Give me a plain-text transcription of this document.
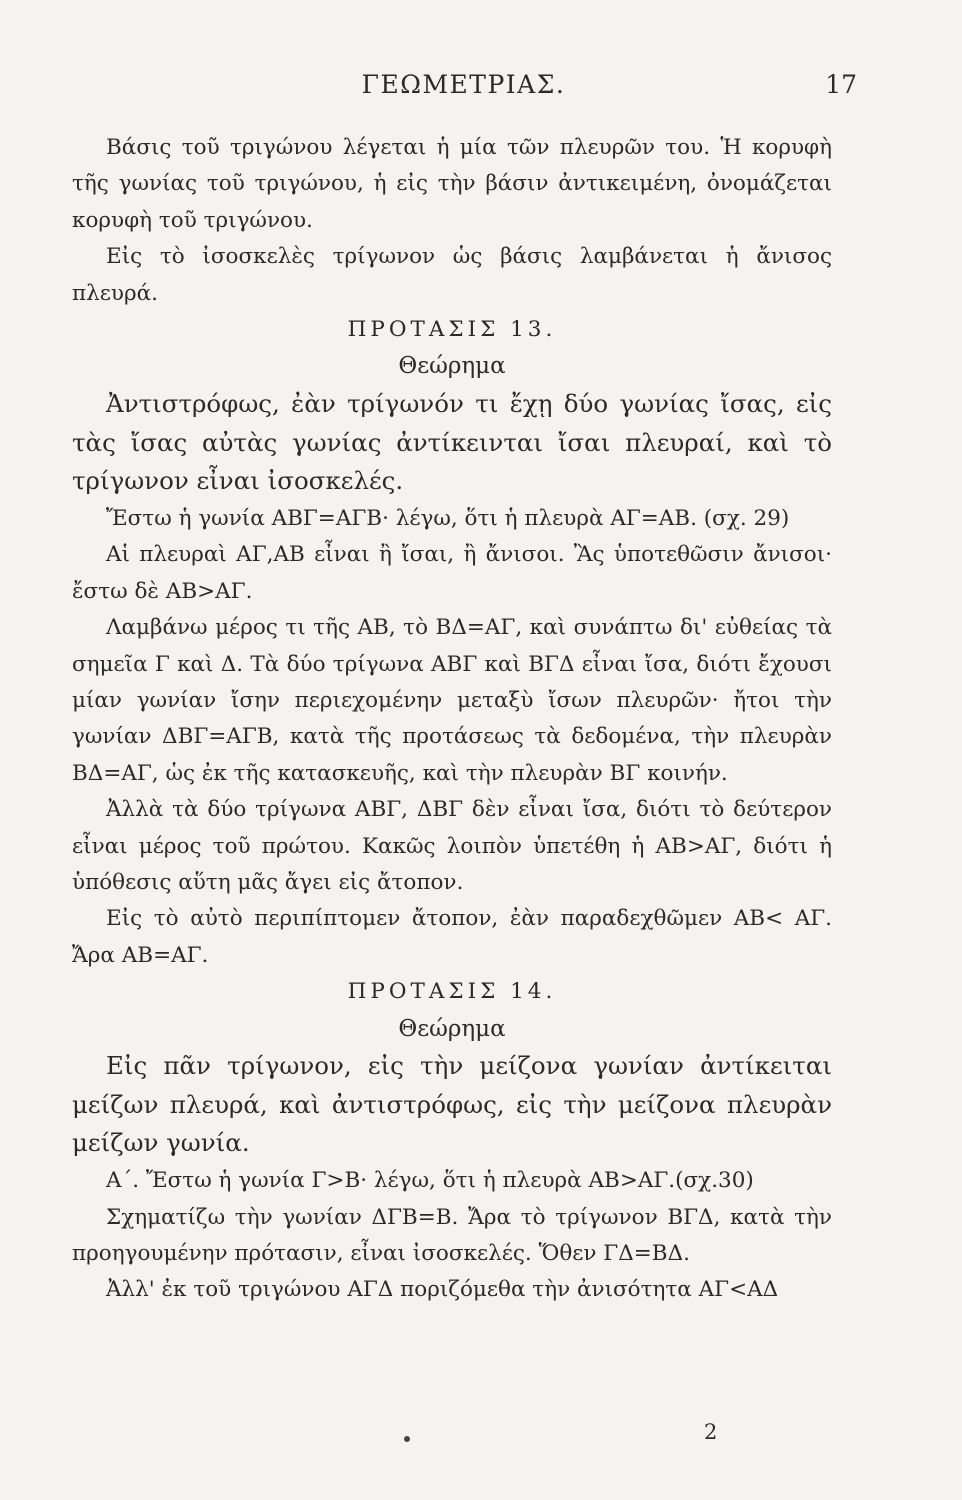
ΓΕΩΜΕΤΡΙΑΣ.	17
Βάσις τοῦ τριγώνου λέγεται ἡ μία τῶν πλευρῶν του. Ἡ κορυφὴ τῆς γωνίας τοῦ τριγώνου, ἡ εἰς τὴν βάσιν ἀντικειμένη, ὀνομάζεται κορυφὴ τοῦ τριγώνου.
Εἰς τὸ ἰσοσκελὲς τρίγωνον ὡς βάσις λαμβάνεται ἡ ἄνισος πλευρά.
ΠΡΟΤΑΣΙΣ 13.
Θεώρημα
Ἀντιστρόφως, ἐὰν τρίγωνόν τι ἔχῃ δύο γωνίας ἴσας, εἰς τὰς ἴσας αὐτὰς γωνίας ἀντίκεινται ἴσαι πλευραί, καὶ τὸ τρίγωνον εἶναι ἰσοσκελές.
Ἔστω ἡ γωνία ΑΒΓ=ΑΓΒ· λέγω, ὅτι ἡ πλευρὰ ΑΓ=ΑΒ. (σχ. 29)
Αἱ πλευραὶ ΑΓ,ΑΒ εἶναι ἢ ἴσαι, ἢ ἄνισοι. Ἂς ὑποτεθῶσιν ἄνισοι· ἔστω δὲ ΑΒ>ΑΓ.
Λαμβάνω μέρος τι τῆς ΑΒ, τὸ ΒΔ=ΑΓ, καὶ συνάπτω δι' εὐθείας τὰ σημεῖα Γ καὶ Δ. Τὰ δύο τρίγωνα ΑΒΓ καὶ ΒΓΔ εἶναι ἴσα, διότι ἔχουσι μίαν γωνίαν ἴσην περιεχομένην μεταξὺ ἴσων πλευρῶν· ἤτοι τὴν γωνίαν ΔΒΓ=ΑΓΒ, κατὰ τῆς προτάσεως τὰ δεδομένα, τὴν πλευρὰν ΒΔ=ΑΓ, ὡς ἐκ τῆς κατασκευῆς, καὶ τὴν πλευρὰν ΒΓ κοινήν.
Ἀλλὰ τὰ δύο τρίγωνα ΑΒΓ, ΔΒΓ δὲν εἶναι ἴσα, διότι τὸ δεύτερον εἶναι μέρος τοῦ πρώτου. Κακῶς λοιπὸν ὑπετέθη ἡ ΑΒ>ΑΓ, διότι ἡ ὑπόθεσις αὕτη μᾶς ἄγει εἰς ἄτοπον.
Εἰς τὸ αὐτὸ περιπίπτομεν ἄτοπον, ἐὰν παραδεχθῶμεν ΑΒ< ΑΓ. Ἄρα ΑΒ=ΑΓ.
ΠΡΟΤΑΣΙΣ 14.
Θεώρημα
Εἰς πᾶν τρίγωνον, εἰς τὴν μείζονα γωνίαν ἀντίκειται μείζων πλευρά, καὶ ἀντιστρόφως, εἰς τὴν μείζονα πλευρὰν μείζων γωνία.
Α΄. Ἔστω ἡ γωνία Γ>Β· λέγω, ὅτι ἡ πλευρὰ ΑΒ>ΑΓ.(σχ.30)
Σχηματίζω τὴν γωνίαν ΔΓΒ=Β. Ἄρα τὸ τρίγωνον ΒΓΔ, κατὰ τὴν προηγουμένην πρότασιν, εἶναι ἰσοσκελές. Ὅθεν ΓΔ=ΒΔ.
Ἀλλ' ἐκ τοῦ τριγώνου ΑΓΔ ποριζόμεθα τὴν ἀνισότητα ΑΓ<ΑΔ
2
